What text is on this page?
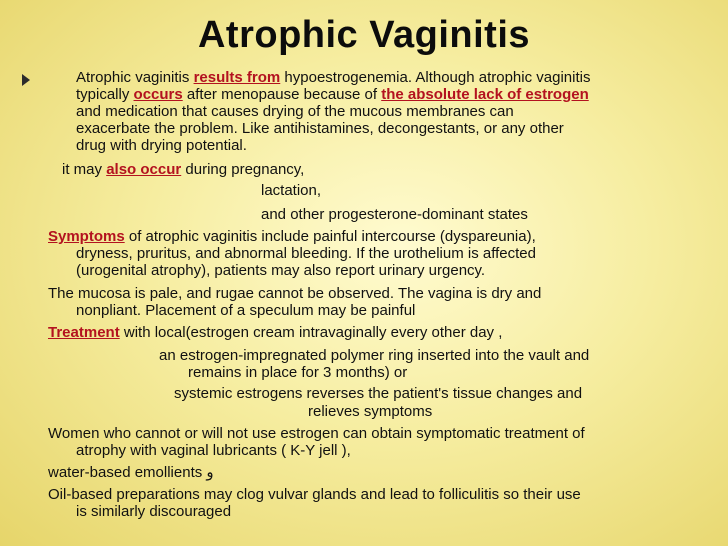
Atrophic Vaginitis
Atrophic vaginitis results from hypoestrogenemia. Although atrophic vaginitis
typically occurs after menopause because of the absolute lack of estrogen
and medication that causes drying of the mucous membranes can
exacerbate the problem. Like antihistamines, decongestants, or any other
drug with drying potential.
it may also occur during pregnancy,
lactation,
and other progesterone-dominant states
Symptoms of atrophic vaginitis include painful intercourse (dyspareunia),
dryness, pruritus, and abnormal bleeding. If the urothelium is affected
(urogenital atrophy), patients may also report urinary urgency.
The mucosa is pale, and rugae cannot be observed. The vagina is dry and
nonpliant. Placement of a speculum may be painful
Treatment with local(estrogen cream intravaginally every other day ,
an estrogen-impregnated polymer ring inserted into the vault and
remains in place for 3 months) or
systemic estrogens reverses the patient's tissue changes and
relieves symptoms
Women who cannot or will not use estrogen can obtain symptomatic treatment of
atrophy with vaginal lubricants ( K-Y jell ),
water-based emollients و
Oil-based preparations may clog vulvar glands and lead to folliculitis so their use
is similarly discouraged
